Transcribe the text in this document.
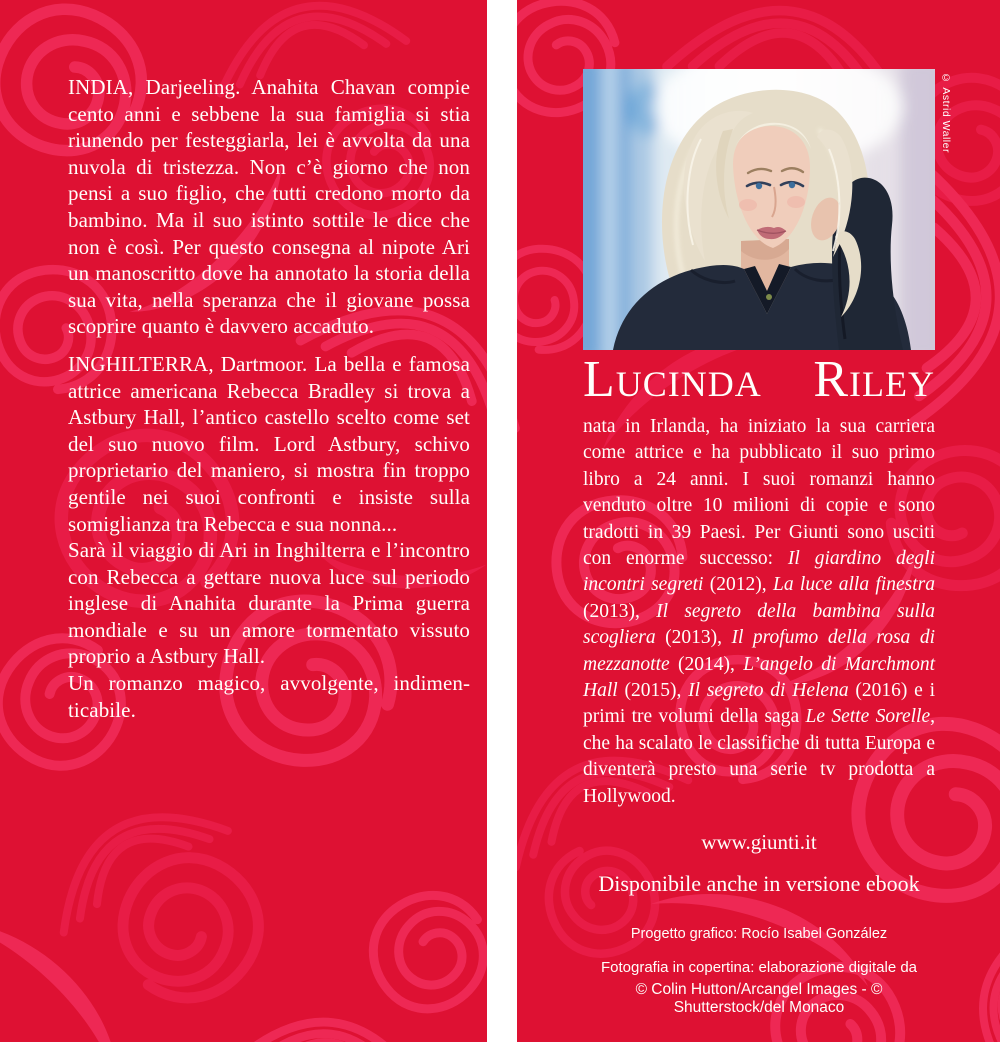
INDIA, Darjeeling. Anahita Chavan compie cento anni e sebbene la sua famiglia si stia riunendo per festeggiarla, lei è avvolta da una nuvola di tristezza. Non c’è giorno che non pensi a suo figlio, che tutti credono morto da bambino. Ma il suo istinto sottile le dice che non è così. Per questo consegna al nipote Ari un manoscritto dove ha annotato la storia della sua vita, nella speranza che il giovane possa scoprire quanto è davvero accaduto.

INGHILTERRA, Dartmoor. La bella e famosa attrice americana Rebecca Bradley si trova a Astbury Hall, l’antico castello scelto come set del suo nuovo film. Lord Astbury, schivo proprietario del maniero, si mostra fin troppo gentile nei suoi confronti e insiste sulla somiglianza tra Rebecca e sua nonna...

Sarà il viaggio di Ari in Inghilterra e l’incontro con Rebecca a gettare nuova luce sul periodo inglese di Anahita durante la Prima guerra mondiale e su un amore tormentato vissuto proprio a Astbury Hall.

Un romanzo magico, avvolgente, indimenticabile.

© Astrid Waller
Lucinda Riley
nata in Irlanda, ha iniziato la sua carriera come attrice e ha pubblicato il suo primo libro a 24 anni. I suoi romanzi hanno venduto oltre 10 milioni di copie e sono tradotti in 39 Paesi. Per Giunti sono usciti con enorme successo: Il giardino degli incontri segreti (2012), La luce alla finestra (2013), Il segreto della bambina sulla scogliera (2013), Il profumo della rosa di mezzanotte (2014), L’angelo di Marchmont Hall (2015), Il segreto di Helena (2016) e i primi tre volumi della saga Le Sette Sorelle, che ha scalato le classifiche di tutta Europa e diventerà presto una serie tv prodotta a Hollywood.
www.giunti.it
Disponibile anche in versione ebook
Progetto grafico: Rocío Isabel González
Fotografia in copertina: elaborazione digitale da
© Colin Hutton/Arcangel Images - © Shutterstock/del Monaco
